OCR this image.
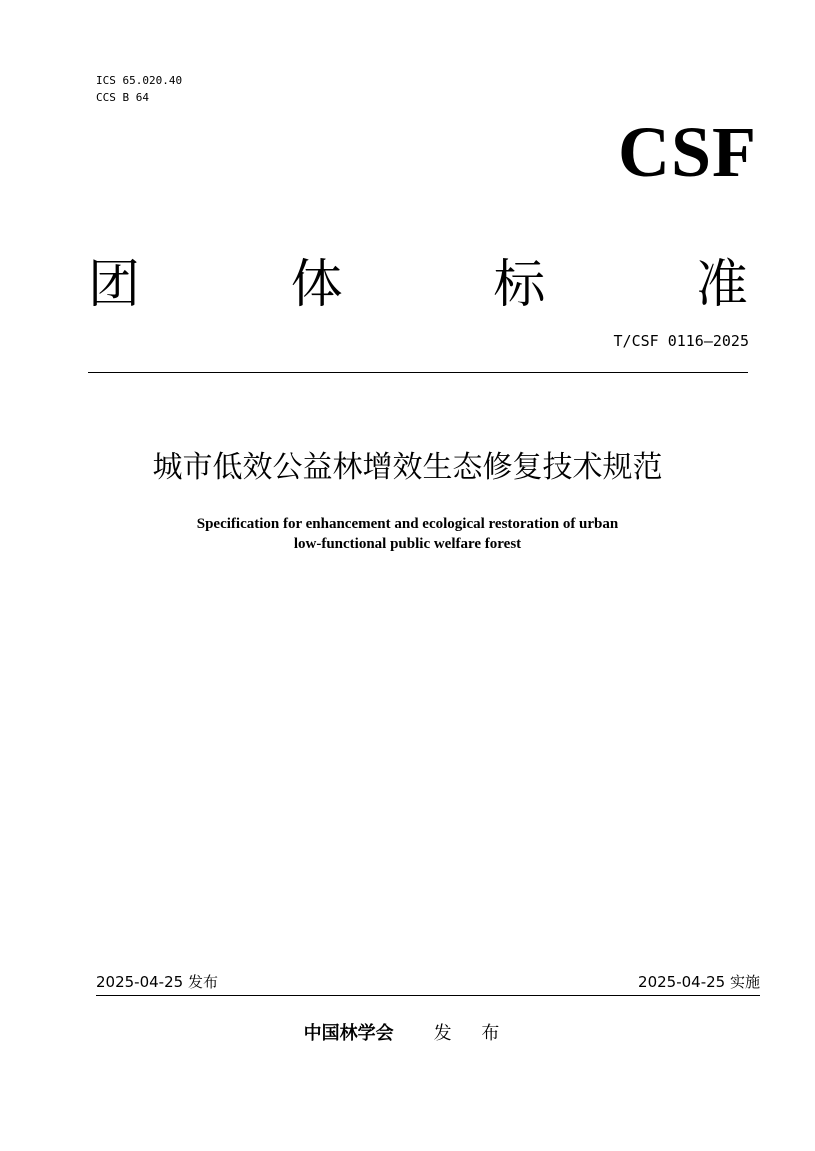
ICS 65.020.40
CCS B 64
CSF
团	体	标	准
T/CSF 0116—2025
城市低效公益林增效生态修复技术规范
Specification for enhancement and ecological restoration of urban
low-functional public welfare forest
2025-04-25 发布	2025-04-25 实施
中国林学会 发 布
